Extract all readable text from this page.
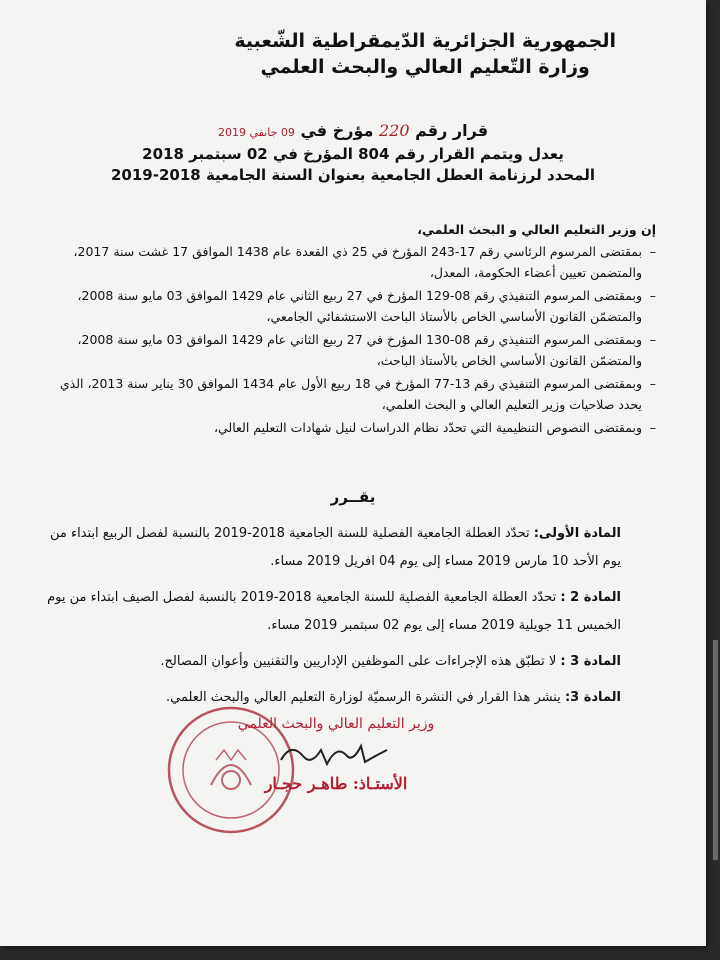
الجمهورية الجزائرية الدّيمقراطية الشّعبية
وزارة التّعليم العالي والبحث العلمي
قرار رقم 220 مؤرخ في 09 جانفي 2019
يعدل ويتمم القرار رقم 804 المؤرخ في 02 سبتمبر 2018
المحدد لرزنامة العطل الجامعية بعنوان السنة الجامعية 2018-2019
إن وزير التعليم العالي و البحث العلمي،
–
بمقتضى المرسوم الرئاسي رقم 17-243 المؤرخ في 25 ذي القعدة عام 1438 الموافق 17 غشت سنة 2017، والمتضمن تعيين أعضاء الحكومة، المعدل،
–
وبمقتضى المرسوم التنفيذي رقم 08-129 المؤرخ في 27 ربيع الثاني عام 1429 الموافق 03 مايو سنة 2008، والمتضمّن القانون الأساسي الخاص بالأستاذ الباحث الاستشفائي الجامعي،
–
وبمقتضى المرسوم التنفيذي رقم 08-130 المؤرخ في 27 ربيع الثاني عام 1429 الموافق 03 مايو سنة 2008، والمتضمّن القانون الأساسي الخاص بالأستاذ الباحث،
–
وبمقتضى المرسوم التنفيذي رقم 13-77 المؤرخ في 18 ربيع الأول عام 1434 الموافق 30 يناير سنة 2013، الذي يحدد صلاحيات وزير التعليم العالي و البحث العلمي،
–
وبمقتضى النصوص التنظيمية التي تحدّد نظام الدراسات لنيل شهادات التعليم العالي،
يقــرر
المادة الأولى: تحدّد العطلة الجامعية الفصلية للسنة الجامعية 2018-2019 بالنسبة لفصل الربيع ابتداء من يوم الأحد 10 مارس 2019 مساء إلى يوم 04 افريل 2019 مساء.
المادة 2 : تحدّد العطلة الجامعية الفصلية للسنة الجامعية 2018-2019 بالنسبة لفصل الصيف ابتداء من يوم الخميس 11 جويلية 2019 مساء إلى يوم 02 سبتمبر 2019 مساء.
المادة 3 : لا تطبّق هذه الإجراءات على الموظفين الإداريين والتقنيين وأعوان المصالح.
المادة 3: ينشر هذا القرار في النشرة الرسميّة لوزارة التعليم العالي والبحث العلمي.
وزير التعليم العالي والبحث العلمي
الأستـاذ: طاهـر حجـار
